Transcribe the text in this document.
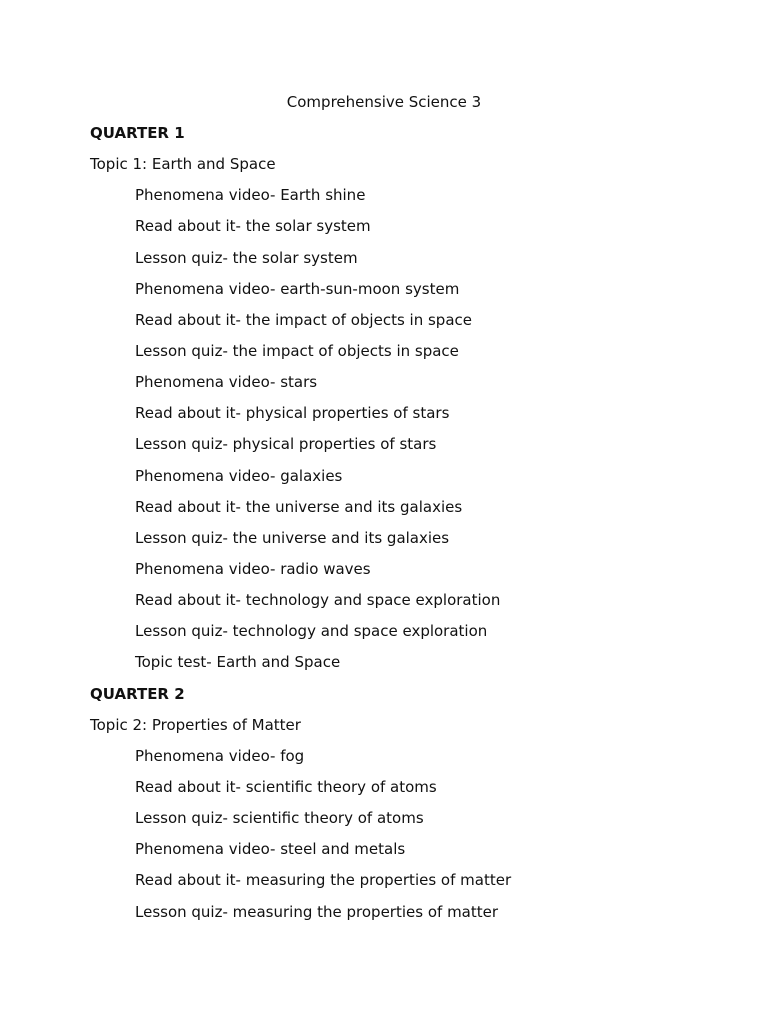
Comprehensive Science 3
QUARTER 1
Topic 1: Earth and Space
Phenomena video- Earth shine
Read about it- the solar system
Lesson quiz- the solar system
Phenomena video- earth-sun-moon system
Read about it- the impact of objects in space
Lesson quiz- the impact of objects in space
Phenomena video- stars
Read about it- physical properties of stars
Lesson quiz- physical properties of stars
Phenomena video- galaxies
Read about it- the universe and its galaxies
Lesson quiz- the universe and its galaxies
Phenomena video- radio waves
Read about it- technology and space exploration
Lesson quiz- technology and space exploration
Topic test- Earth and Space
QUARTER 2
Topic 2: Properties of Matter
Phenomena video- fog
Read about it- scientific theory of atoms
Lesson quiz- scientific theory of atoms
Phenomena video- steel and metals
Read about it- measuring the properties of matter
Lesson quiz- measuring the properties of matter
